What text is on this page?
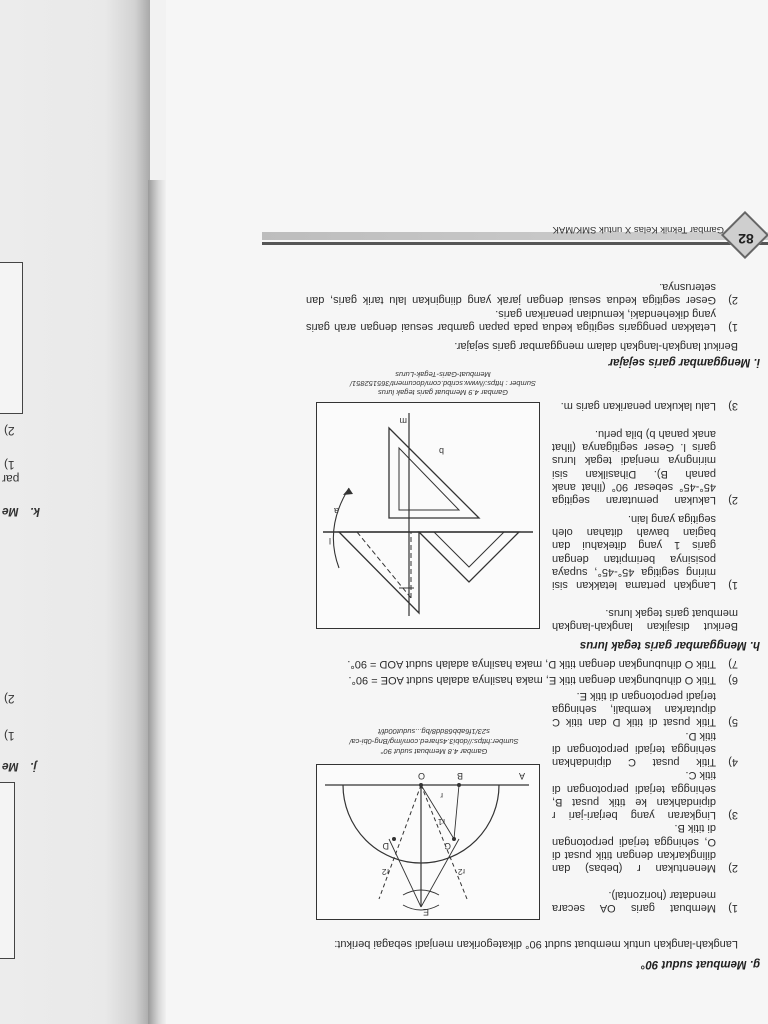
k.
Me
1)
par
2)
j.
Me
1)
2)
82
Gambar Teknik Kelas X untuk SMK/MAK
Geser segitiga kedua sesuai dengan jarak yang diinginkan lalu tarik garis, dan seterusnya.
2)
Letakkan penggaris segitiga kedua pada papan gambar sesuai dengan arah garis yang dikehendaki, kemudian penarikan garis.
1)
Berikut langkah-langkah dalam menggambar garis sejajar.
i. Menggambar garis sejajar
Gambar 4.9 Membuat garis tegak lurus
Sumber : https://www.scribd.com/document/365152851/
Membuat-Garis-Tegak-Lurus
m
l
a
b
3)
Lalu lakukan penarikan garis m.
2)
Lakukan pemutaran segitiga 45°-45° sebesar 90° (lihat anak panah B). Dihasilkan sisi miringnya menjadi tegak lurus garis l. Geser segitiganya (lihat anak panah b) bila perlu.
1)
Langkah pertama letakkan sisi miring segitiga 45°-45°, supaya posisinya berimpitan dengan garis 1 yang ditekahui dan bagian bawah ditahan oleh segitiga yang lain.
Berikut disajikan langkah-langkah membuat garis tegak lurus.
h. Menggambar garis tegak lurus
7)
Titik O dihubungkan dengan titik D, maka hasilnya adalah sudut AOD = 90°.
6)
Titik O dihubungkan dengan titik E, maka hasilnya adalah sudut AOE = 90°.
Gambar 4.8 Membuat sudut 90°
Sumber:https://dobi3.4shared.com/img/Bng-0bi-ca/
s23/1f6abb68dd8/bg...sudut00df/t
E
D	C
B	A
O
r
r1
r2
r2
5)
Titik pusat di titik D dan titik C diputarkan kembali, sehingga terjadi perpotongan di titik E.
4)
Titik pusat C dipindahkan sehingga terjadi perpotongan di titik D.
3)
Lingkaran yang berjari-jari r dipindahkan ke titik pusat B, sehingga terjadi perpotongan di titik C.
2)
Menentukan r (bebas) dan dilingkarkan dengan titik pusat di O, sehingga terjadi perpotongan di titik B.
1)
Membuat garis OA secara mendatar (horizontal).
Langkah-langkah untuk membuat sudut 90° dikategorikan menjadi sebagai berikut:
g. Membuat sudut 90°
